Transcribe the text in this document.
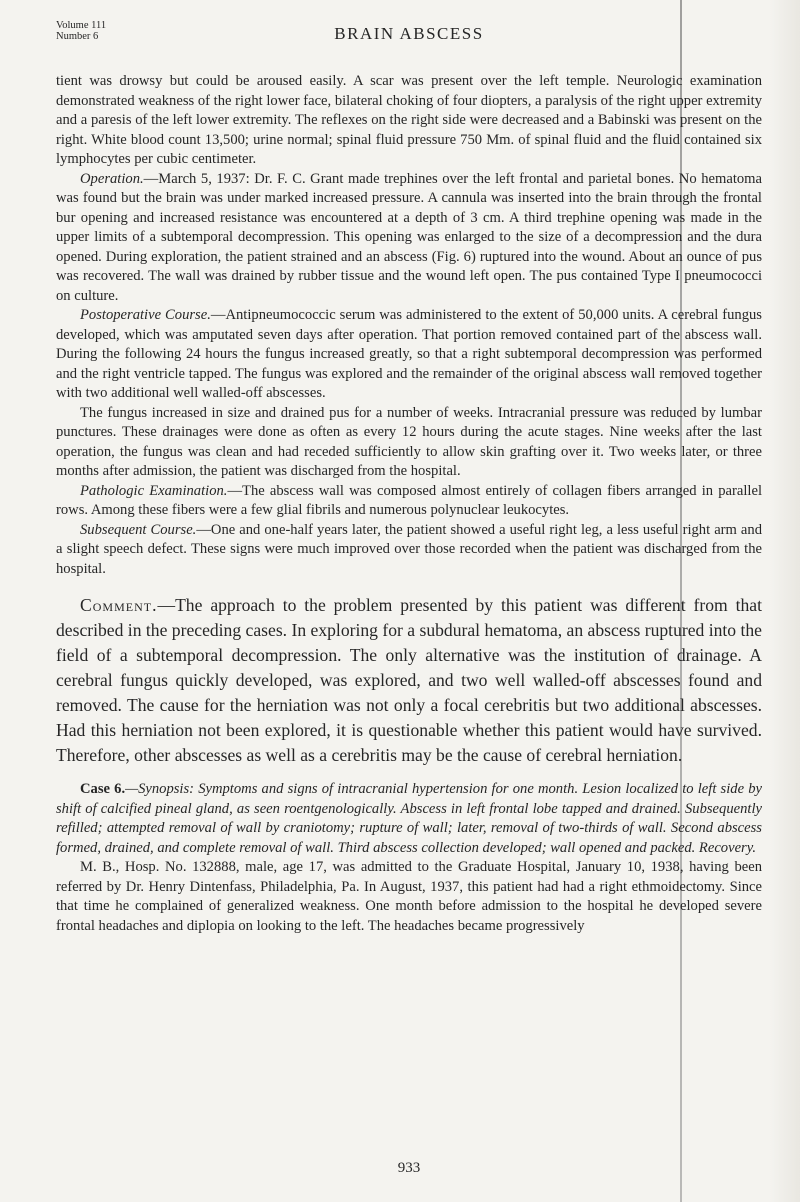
Volume 111
Number 6	BRAIN ABSCESS

tient was drowsy but could be aroused easily. A scar was present over the left temple. Neurologic examination demonstrated weakness of the right lower face, bilateral choking of four diopters, a paralysis of the right upper extremity and a paresis of the left lower extremity. The reflexes on the right side were decreased and a Babinski was present on the right. White blood count 13,500; urine normal; spinal fluid pressure 750 Mm. of spinal fluid and the fluid contained six lymphocytes per cubic centimeter.

Operation.—March 5, 1937: Dr. F. C. Grant made trephines over the left frontal and parietal bones. No hematoma was found but the brain was under marked increased pressure. A cannula was inserted into the brain through the frontal bur opening and increased resistance was encountered at a depth of 3 cm. A third trephine opening was made in the upper limits of a subtemporal decompression. This opening was enlarged to the size of a decompression and the dura opened. During exploration, the patient strained and an abscess (Fig. 6) ruptured into the wound. About an ounce of pus was recovered. The wall was drained by rubber tissue and the wound left open. The pus contained Type I pneumococci on culture.

Postoperative Course.—Antipneumococcic serum was administered to the extent of 50,000 units. A cerebral fungus developed, which was amputated seven days after operation. That portion removed contained part of the abscess wall. During the following 24 hours the fungus increased greatly, so that a right subtemporal decompression was performed and the right ventricle tapped. The fungus was explored and the remainder of the original abscess wall removed together with two additional well walled-off abscesses.

The fungus increased in size and drained pus for a number of weeks. Intracranial pressure was reduced by lumbar punctures. These drainages were done as often as every 12 hours during the acute stages. Nine weeks after the last operation, the fungus was clean and had receded sufficiently to allow skin grafting over it. Two weeks later, or three months after admission, the patient was discharged from the hospital.

Pathologic Examination.—The abscess wall was composed almost entirely of collagen fibers arranged in parallel rows. Among these fibers were a few glial fibrils and numerous polynuclear leukocytes.

Subsequent Course.—One and one-half years later, the patient showed a useful right leg, a less useful right arm and a slight speech defect. These signs were much improved over those recorded when the patient was discharged from the hospital.

Comment.—The approach to the problem presented by this patient was different from that described in the preceding cases. In exploring for a subdural hematoma, an abscess ruptured into the field of a subtemporal decompression. The only alternative was the institution of drainage. A cerebral fungus quickly developed, was explored, and two well walled-off abscesses found and removed. The cause for the herniation was not only a focal cerebritis but two additional abscesses. Had this herniation not been explored, it is questionable whether this patient would have survived. Therefore, other abscesses as well as a cerebritis may be the cause of cerebral herniation.

Case 6.—Synopsis: Symptoms and signs of intracranial hypertension for one month. Lesion localized to left side by shift of calcified pineal gland, as seen roentgenologically. Abscess in left frontal lobe tapped and drained. Subsequently refilled; attempted removal of wall by craniotomy; rupture of wall; later, removal of two-thirds of wall. Second abscess formed, drained, and complete removal of wall. Third abscess collection developed; wall opened and packed. Recovery.

M. B., Hosp. No. 132888, male, age 17, was admitted to the Graduate Hospital, January 10, 1938, having been referred by Dr. Henry Dintenfass, Philadelphia, Pa. In August, 1937, this patient had had a right ethmoidectomy. Since that time he complained of generalized weakness. One month before admission to the hospital he developed severe frontal headaches and diplopia on looking to the left. The headaches became progressively

933
